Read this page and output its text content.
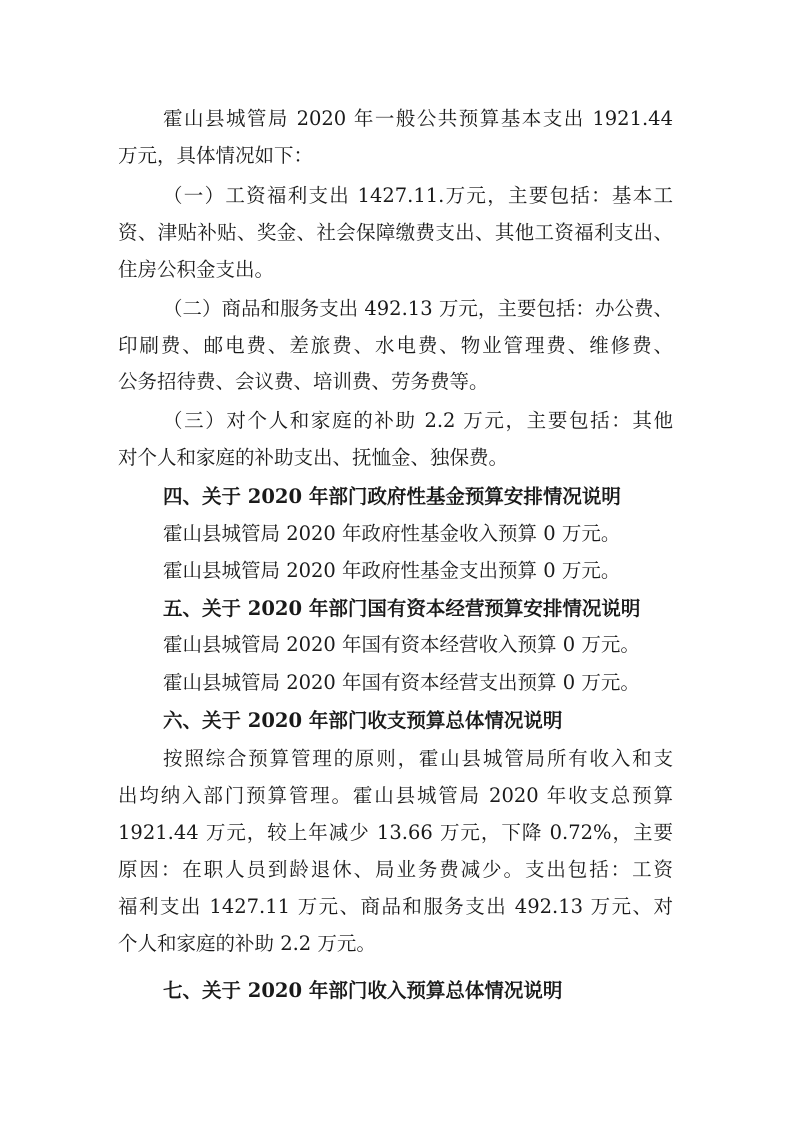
霍山县城管局 2020 年一般公共预算基本支出 1921.44
万元，具体情况如下：
（一）工资福利支出 1427.11.万元，主要包括：基本工
资、津贴补贴、奖金、社会保障缴费支出、其他工资福利支出、
住房公积金支出。
（二）商品和服务支出 492.13 万元，主要包括：办公费、
印刷费、邮电费、差旅费、水电费、物业管理费、维修费、
公务招待费、会议费、培训费、劳务费等。
（三）对个人和家庭的补助 2.2 万元，主要包括：其他
对个人和家庭的补助支出、抚恤金、独保费。
四、关于 2020 年部门政府性基金预算安排情况说明
霍山县城管局 2020 年政府性基金收入预算 0 万元。
霍山县城管局 2020 年政府性基金支出预算 0 万元。
五、关于 2020 年部门国有资本经营预算安排情况说明
霍山县城管局 2020 年国有资本经营收入预算 0 万元。
霍山县城管局 2020 年国有资本经营支出预算 0 万元。
六、关于 2020 年部门收支预算总体情况说明
按照综合预算管理的原则，霍山县城管局所有收入和支
出均纳入部门预算管理。霍山县城管局 2020 年收支总预算
1921.44 万元，较上年减少 13.66 万元，下降 0.72%，主要
原因：在职人员到龄退休、局业务费减少。支出包括：工资
福利支出 1427.11 万元、商品和服务支出 492.13 万元、对
个人和家庭的补助 2.2 万元。
七、关于 2020 年部门收入预算总体情况说明
